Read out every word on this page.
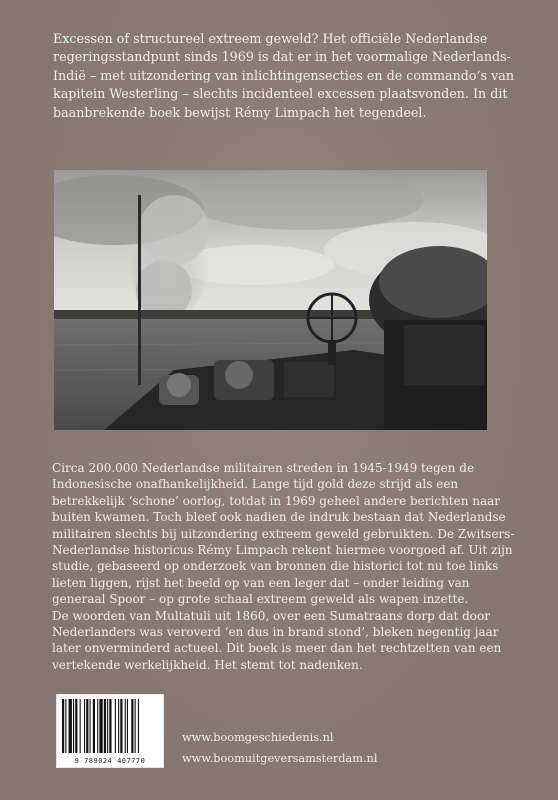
Excessen of structureel extreem geweld? Het officiële Nederlandse regeringsstandpunt sinds 1969 is dat er in het voormalige Nederlands-Indië – met uitzondering van inlichtingensecties en de commando’s van kapitein Westerling – slechts incidenteel excessen plaatsvonden. In dit baanbrekende boek bewijst Rémy Limpach het tegendeel.

Circa 200.000 Nederlandse militairen streden in 1945-1949 tegen de Indonesische onafhankelijkheid. Lange tijd gold deze strijd als een betrekkelijk ‘schone’ oorlog, totdat in 1969 geheel andere berichten naar buiten kwamen. Toch bleef ook nadien de indruk bestaan dat Nederlandse militairen slechts bij uitzondering extreem geweld gebruikten. De Zwitsers-Nederlandse historicus Rémy Limpach rekent hiermee voorgoed af. Uit zijn studie, gebaseerd op onderzoek van bronnen die historici tot nu toe links lieten liggen, rijst het beeld op van een leger dat – onder leiding van generaal Spoor – op grote schaal extreem geweld als wapen inzette.

De woorden van Multatuli uit 1860, over een Sumatraans dorp dat door Nederlanders was veroverd ‘en dus in brand stond’, bleken negentig jaar later onverminderd actueel. Dit boek is meer dan het rechtzetten van een vertekende werkelijkheid. Het stemt tot nadenken.

9 789024 407770
www.boomgeschiedenis.nl
www.boomuitgeversamsterdam.nl
